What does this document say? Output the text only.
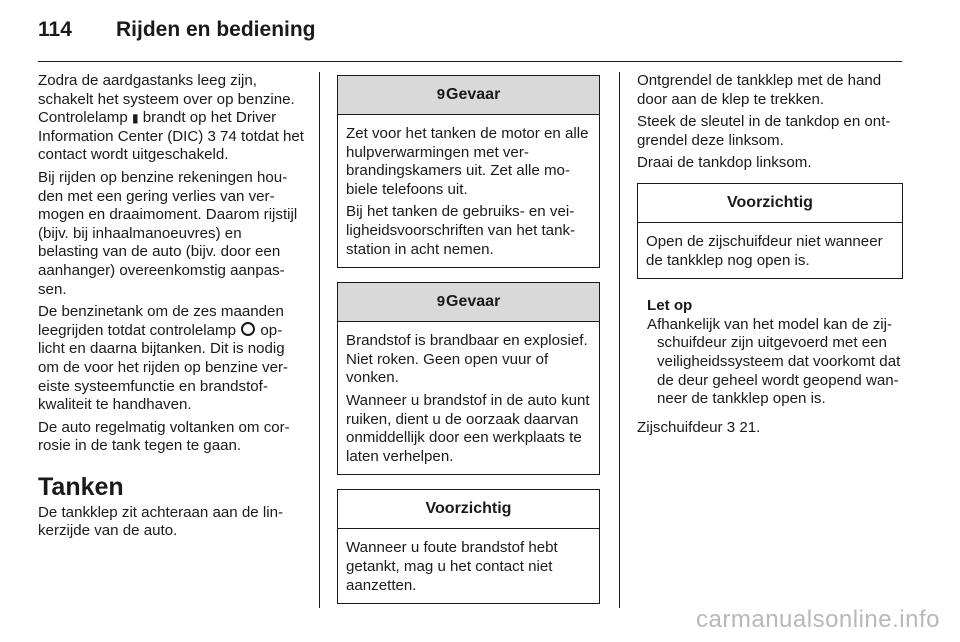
114 Rijden en bediening

Zodra de aardgastanks leeg zijn, schakelt het systeem over op benzine. Controlelamp ▮ brandt op het Driver Information Center (DIC) 3 74 totdat het contact wordt uitgeschakeld.

Bij rijden op benzine rekeningen houden met een gering verlies van vermogen en draaimoment. Daarom rijstijl (bijv. bij inhaalmanoeuvres) en belasting van de auto (bijv. door een aanhanger) overeenkomstig aanpassen.

De benzinetank om de zes maanden leegrijden totdat controlelamp  oplicht en daarna bijtanken. Dit is nodig om de voor het rijden op benzine vereiste systeemfunctie en brandstofkwaliteit te handhaven.

De auto regelmatig voltanken om corrosie in de tank tegen te gaan.

Tanken

De tankklep zit achteraan aan de linkerzijde van de auto.

9Gevaar

Zet voor het tanken de motor en alle hulpverwarmingen met verbrandingskamers uit. Zet alle mobiele telefoons uit.

Bij het tanken de gebruiks- en veiligheidsvoorschriften van het tankstation in acht nemen.

9Gevaar

Brandstof is brandbaar en explosief. Niet roken. Geen open vuur of vonken.

Wanneer u brandstof in de auto kunt ruiken, dient u de oorzaak daarvan onmiddellijk door een werkplaats te laten verhelpen.

Voorzichtig

Wanneer u foute brandstof hebt getankt, mag u het contact niet aanzetten.

Ontgrendel de tankklep met de hand door aan de klep te trekken.

Steek de sleutel in de tankdop en ontgrendel deze linksom.

Draai de tankdop linksom.

Voorzichtig

Open de zijschuifdeur niet wanneer de tankklep nog open is.

Let op
Afhankelijk van het model kan de zijschuifdeur zijn uitgevoerd met een veiligheidssysteem dat voorkomt dat de deur geheel wordt geopend wanneer de tankklep open is.

Zijschuifdeur 3 21.

carmanualsonline.info
